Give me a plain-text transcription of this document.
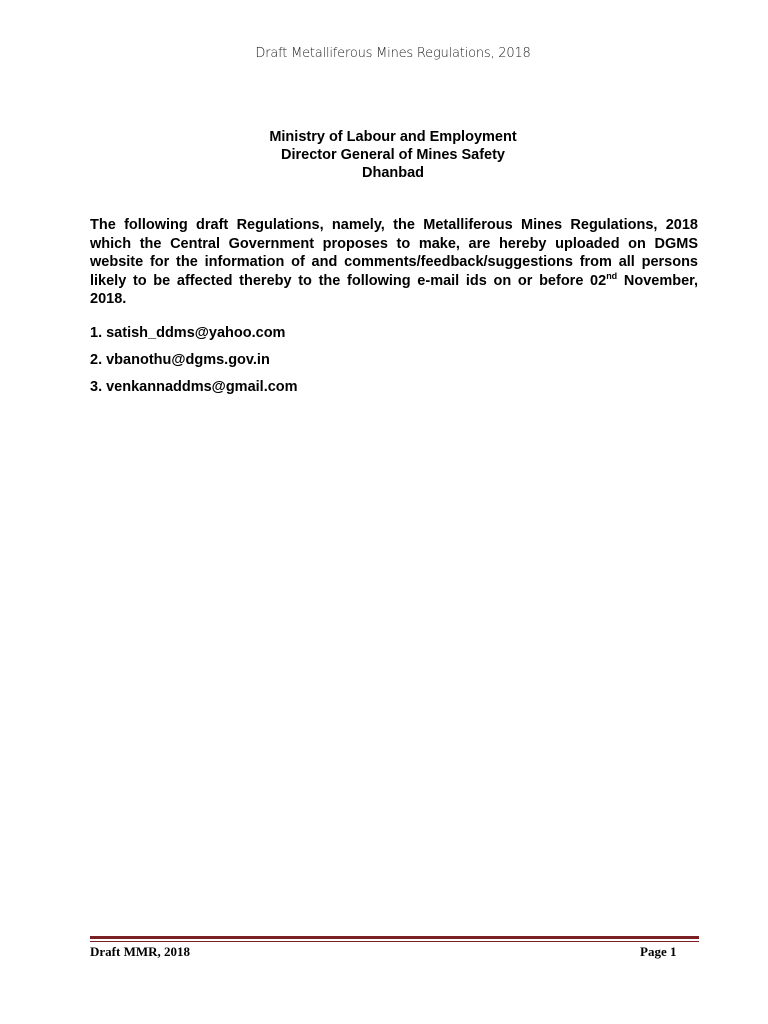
Draft Metalliferous Mines Regulations, 2018
Ministry of Labour and Employment
Director General of Mines Safety
Dhanbad

The following draft Regulations, namely, the Metalliferous Mines Regulations, 2018 which the Central Government proposes to make, are hereby uploaded on DGMS website for the information of and comments/feedback/suggestions from all persons likely to be affected thereby to the following e-mail ids on or before 02nd November, 2018.

1. satish_ddms@yahoo.com
2. vbanothu@dgms.gov.in
3. venkannaddms@gmail.com
Draft MMR, 2018	Page 1
